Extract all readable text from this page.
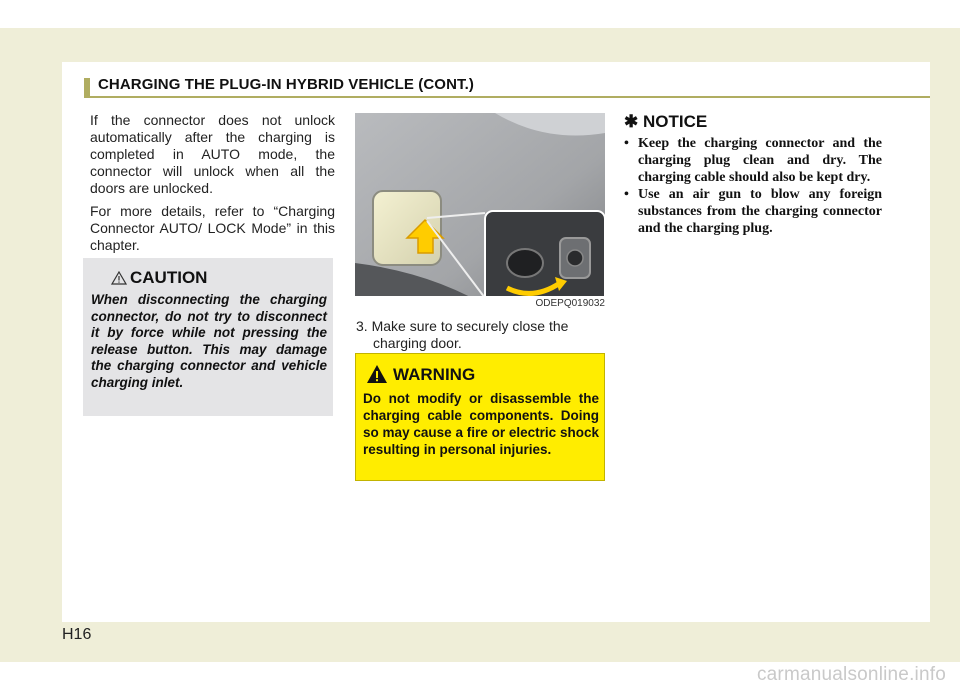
CHARGING THE PLUG-IN HYBRID VEHICLE (CONT.)

If the connector does not unlock automatically after the charging is completed in AUTO mode, the connector will unlock when all the doors are unlocked.

For more details, refer to “Charging Connector AUTO/ LOCK Mode” in this chapter.

CAUTION
When disconnecting the charging connector, do not try to disconnect it by force while not pressing the release button. This may damage the charging connector and vehicle charging inlet.
ODEPQ019032
3. Make sure to securely close the
charging door.
WARNING
Do not modify or disassemble the charging cable components. Doing so may cause a fire or electric shock resulting in personal injuries.
✱ NOTICE
• Keep the charging connector and the charging plug clean and dry. The charging cable should also be kept dry.
• Use an air gun to blow any foreign substances from the charging connector and the charging plug.
H16
carmanualsonline.info
